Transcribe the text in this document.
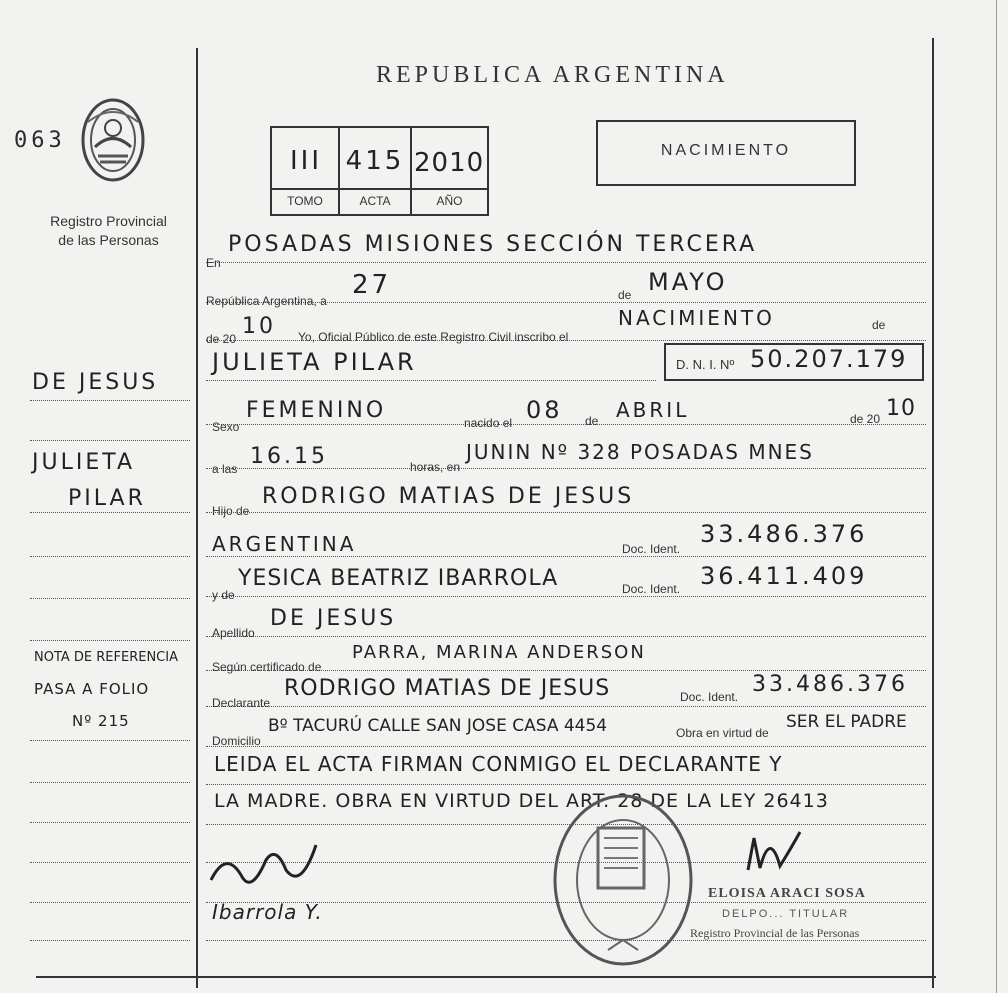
063
Registro Provincial
de las Personas
DE JESUS
JULIETA
PILAR
NOTA DE REFERENCIA
PASA A FOLIO
Nº 215
REPUBLICA ARGENTINA
III 415 2010
TOMO	ACTA	AÑO
NACIMIENTO
En
POSADAS MISIONES SECCIÓN TERCERA
República Argentina, a
27	de MAYO
de 20 10 Yo, Oficial Público de este Registro Civil inscribo el
NACIMIENTO	de
JULIETA PILAR	D. N. I. Nº 50.207.179
Sexo
FEMENINO	nacido el 08 de ABRIL	de 20 10
a las 16.15	horas, en
JUNIN Nº 328 POSADAS MNES
Hijo de
RODRIGO MATIAS DE JESUS
ARGENTINA	Doc. Ident.
33.486.376
y de
YESICA BEATRIZ IBARROLA	Doc. Ident. 36.411.409
Apellido
DE JESUS
Según certificado de
PARRA, MARINA ANDERSON
Declarante
RODRIGO MATIAS DE JESUS	Doc. Ident. 33.486.376
Domicilio
Bº TACURÚ CALLE SAN JOSE CASA 4454	Obra en virtud de
SER EL PADRE
LEIDA EL ACTA FIRMAN CONMIGO EL DECLARANTE Y
LA MADRE. OBRA EN VIRTUD DEL ART. 28 DE LA LEY 26413
Ibarrola Y.
ELOISA ARACI SOSA
DELPO... TITULAR
Registro Provincial de las Personas
